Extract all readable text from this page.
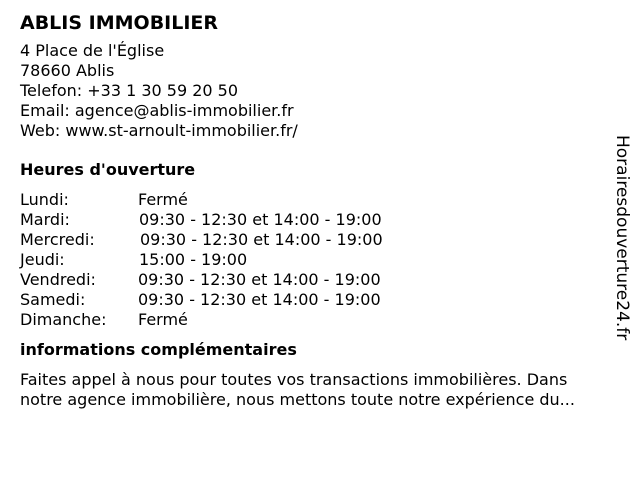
ABLIS IMMOBILIER
4 Place de l'Église
78660 Ablis
Telefon: +33 1 30 59 20 50
Email: agence@ablis-immobilier.fr
Web: www.st-arnoult-immobilier.fr/
Heures d'ouverture
Lundi:	Fermé
Mardi:	09:30 - 12:30 et 14:00 - 19:00
Mercredi:	09:30 - 12:30 et 14:00 - 19:00
Jeudi:	15:00 - 19:00
Vendredi:	09:30 - 12:30 et 14:00 - 19:00
Samedi:	09:30 - 12:30 et 14:00 - 19:00
Dimanche: Fermé
informations complémentaires
Faites appel à nous pour toutes vos transactions immobilières. Dans
notre agence immobilière, nous mettons toute notre expérience du...
Horairesdouverture24.fr
